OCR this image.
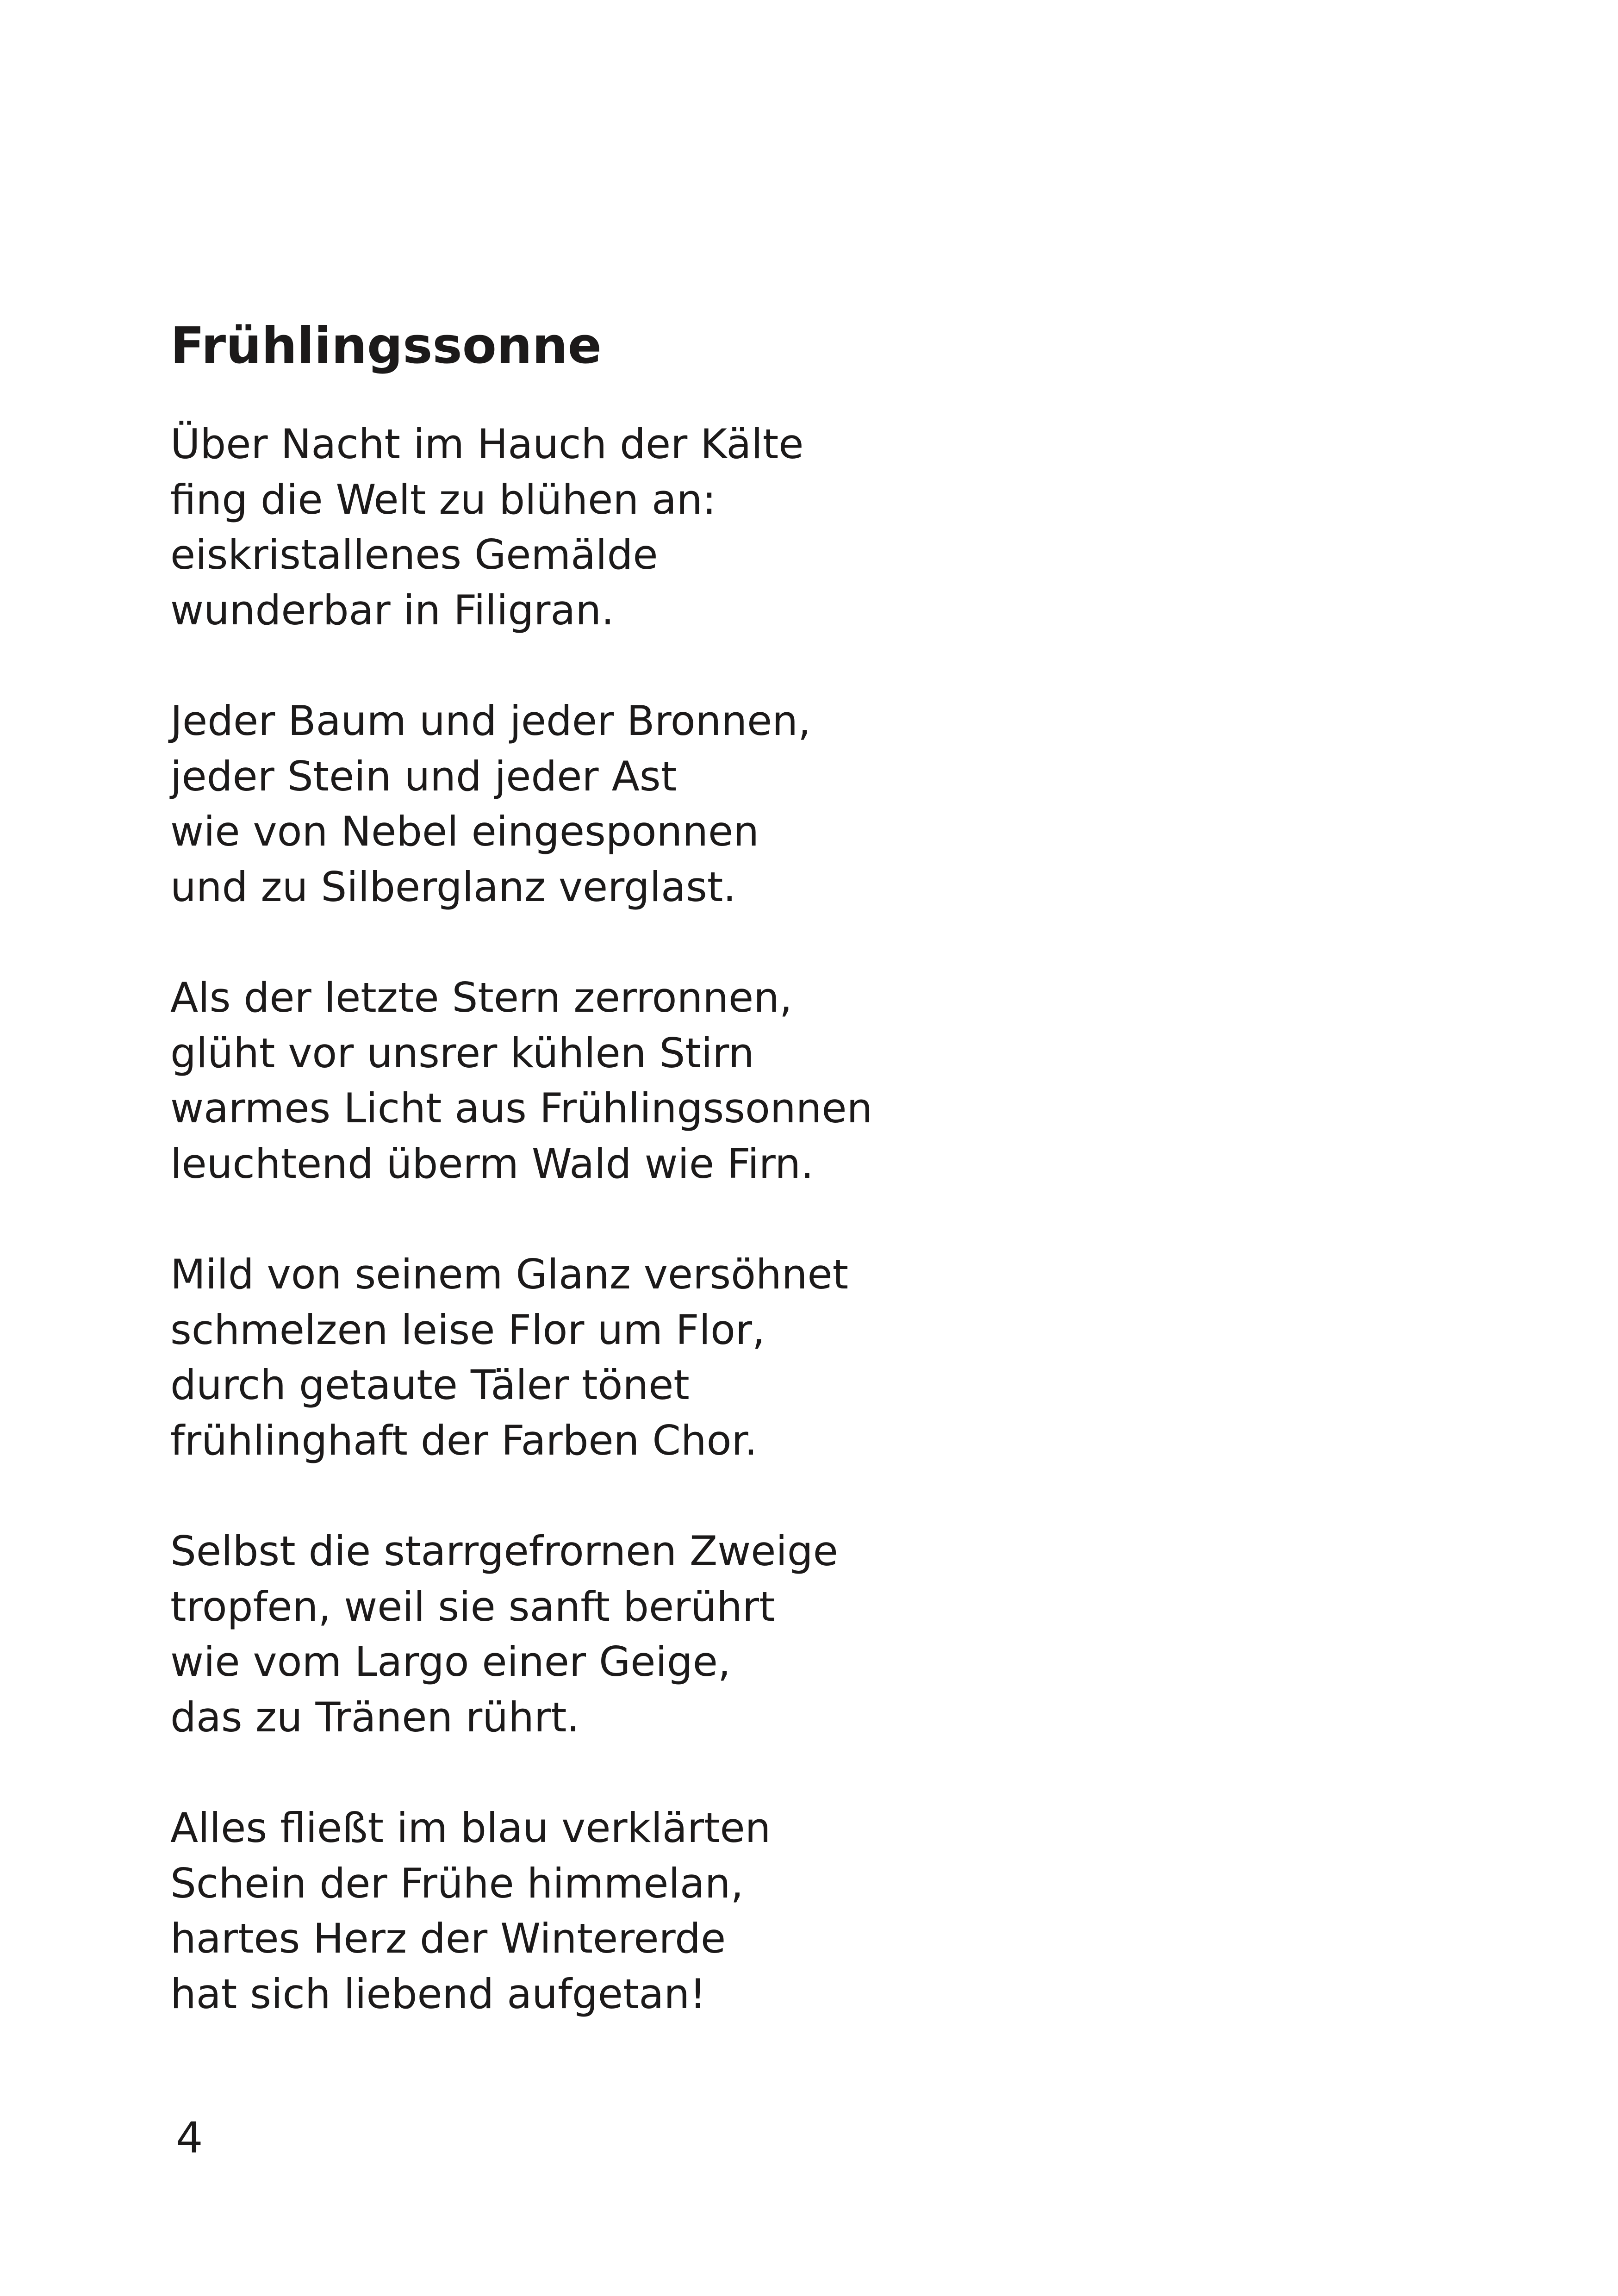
Frühlingssonne
Über Nacht im Hauch der Kälte
fing die Welt zu blühen an:
eiskristallenes Gemälde
wunderbar in Filigran.
Jeder Baum und jeder Bronnen,
jeder Stein und jeder Ast
wie von Nebel eingesponnen
und zu Silberglanz verglast.
Als der letzte Stern zerronnen,
glüht vor unsrer kühlen Stirn
warmes Licht aus Frühlingssonnen
leuchtend überm Wald wie Firn.
Mild von seinem Glanz versöhnet
schmelzen leise Flor um Flor,
durch getaute Täler tönet
frühlinghaft der Farben Chor.
Selbst die starrgefrornen Zweige
tropfen, weil sie sanft berührt
wie vom Largo einer Geige,
das zu Tränen rührt.
Alles fließt im blau verklärten
Schein der Frühe himmelan,
hartes Herz der Wintererde
hat sich liebend aufgetan!
4
